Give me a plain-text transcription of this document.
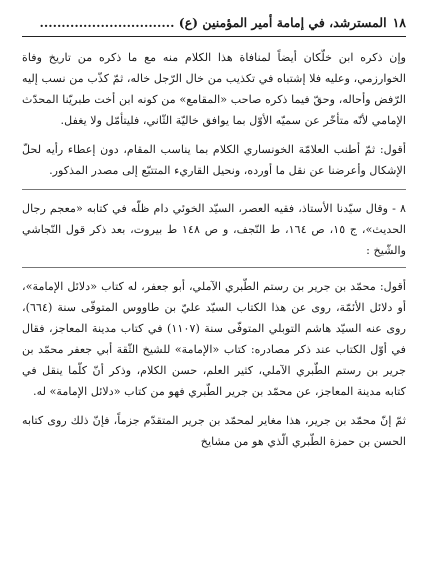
١٨
المسترشد، في إمامة أمير المؤمنين (ع) ...............................

وإن ذكره ابن خلّكان أيضاً لمنافاة هذا الكلام منه مع ما ذكره من تاريخ وفاة الخوارزمي، وعليه فلا إشتباه في تكذيب من خال الرّجل خاله، ثمّ كذّب من نسب إليه الرّفض وأحاله، وحقّ فيما ذكره صاحب «المقامع» من كونه ابن أخت طبريّنا المحدّث الإمامي لأنّه متأخّر عن سميّه الأوّل بما يوافق خاليّة الثّاني، فليتأمّل ولا يغفل.

أقول: ثمّ أطنب العلامّة الخونساري الكلام بما يناسب المقام، دون إعطاء رأيه لحلّ الإشكال وأعرضنا عن نقل ما أورده، ونحيل القاريء المتتبّع إلى مصدر المذكور.

٨ - وقال سيّدنا الأستاذ، فقيه العصر، السيّد الخوئي دام ظلّه في كتابه «معجم رجال الحديث»، ج ١٥، ص ١٦٤، ط النّجف، و ص ١٤٨ ط بيروت، بعد ذكر قول النّجاشي والشّيخ :

أقول: محمّد بن جرير بن رستم الطّبري الآملي، أبو جعفر، له كتاب «دلائل الإمامة»، أو دلائل الأئمّة، روى عن هذا الكتاب السيّد عليّ بن طاووس المتوفّى سنة (٦٦٤)، روى عنه السيّد هاشم التوبلي المتوفّى سنة (١١٠٧) في كتاب مدينة المعاجز، فقال في أوّل الكتاب عند ذكر مصادره: كتاب «الإمامة» للشيخ الثّقة أبي جعفر محمّد بن جرير بن رستم الطّبري الآملي، كثير العلم، حسن الكلام، وذكر أنّ كلّما ينقل في كتابه مدينة المعاجز، عن محمّد بن جرير الطّبري فهو من كتاب «دلائل الإمامة» له.

ثمّ إنّ محمّد بن جرير، هذا مغاير لمحمّد بن جرير المتقدّم جزماً، فإنّ ذلك روى كتابه الحسن بن حمزة الطّبري الّذي هو من مشايخ
